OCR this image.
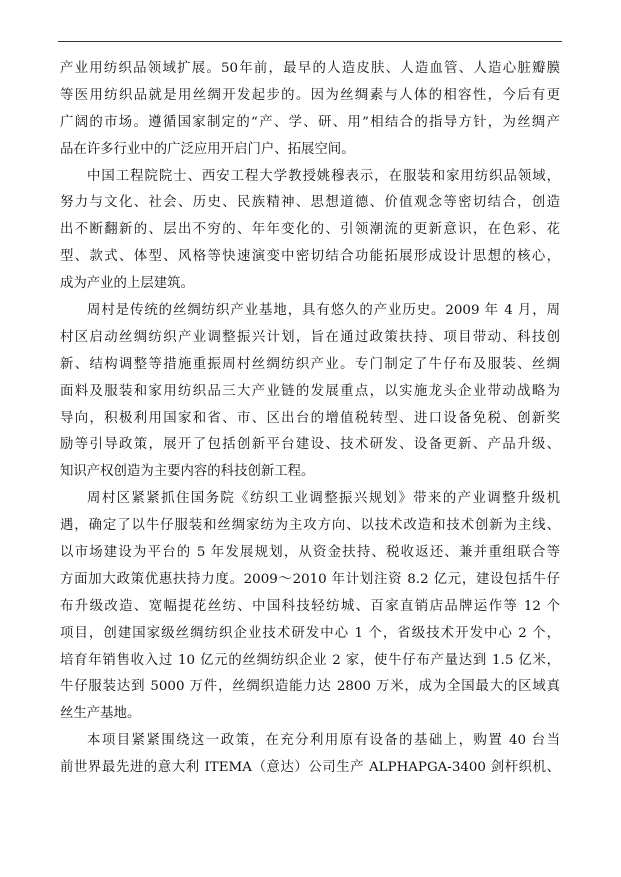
产业用纺织品领域扩展。50年前，最早的人造皮肤、人造血管、人造心脏瓣膜
等医用纺织品就是用丝绸开发起步的。因为丝绸素与人体的相容性，今后有更
广阔的市场。遵循国家制定的“产、学、研、用”相结合的指导方针，为丝绸产
品在许多行业中的广泛应用开启门户、拓展空间。
中国工程院院士、西安工程大学教授姚穆表示，在服装和家用纺织品领域，
努力与文化、社会、历史、民族精神、思想道德、价值观念等密切结合，创造
出不断翻新的、层出不穷的、年年变化的、引领潮流的更新意识，在色彩、花
型、款式、体型、风格等快速演变中密切结合功能拓展形成设计思想的核心，
成为产业的上层建筑。
周村是传统的丝绸纺织产业基地，具有悠久的产业历史。2009 年 4 月，周
村区启动丝绸纺织产业调整振兴计划，旨在通过政策扶持、项目带动、科技创
新、结构调整等措施重振周村丝绸纺织产业。专门制定了牛仔布及服装、丝绸
面料及服装和家用纺织品三大产业链的发展重点，以实施龙头企业带动战略为
导向，积极利用国家和省、市、区出台的增值税转型、进口设备免税、创新奖
励等引导政策，展开了包括创新平台建设、技术研发、设备更新、产品升级、
知识产权创造为主要内容的科技创新工程。
周村区紧紧抓住国务院《纺织工业调整振兴规划》带来的产业调整升级机
遇，确定了以牛仔服装和丝绸家纺为主攻方向、以技术改造和技术创新为主线、
以市场建设为平台的 5 年发展规划，从资金扶持、税收返还、兼并重组联合等
方面加大政策优惠扶持力度。2009～2010 年计划注资 8.2 亿元，建设包括牛仔
布升级改造、宽幅提花丝纺、中国科技轻纺城、百家直销店品牌运作等 12 个
项目，创建国家级丝绸纺织企业技术研发中心 1 个，省级技术开发中心 2 个，
培育年销售收入过 10 亿元的丝绸纺织企业 2 家，使牛仔布产量达到 1.5 亿米，
牛仔服装达到 5000 万件，丝绸织造能力达 2800 万米，成为全国最大的区域真
丝生产基地。
本项目紧紧围绕这一政策，在充分利用原有设备的基础上，购置 40 台当
前世界最先进的意大利 ITEMA（意达）公司生产 ALPHAPGA-3400 剑杆织机、
